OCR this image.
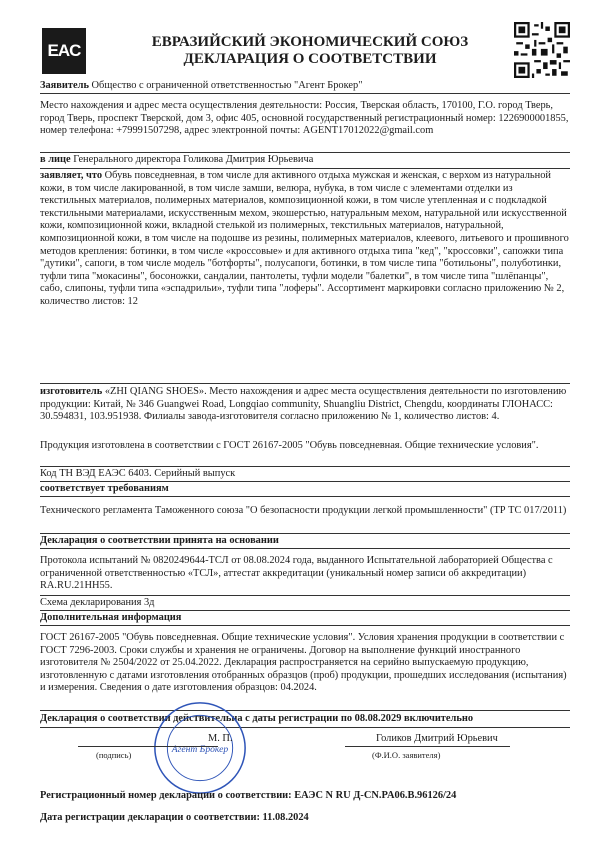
EAC	ЕВРАЗИЙСКИЙ ЭКОНОМИЧЕСКИЙ СОЮЗ
ДЕКЛАРАЦИЯ О СООТВЕТСТВИИ
Заявитель Общество с ограниченной ответственностью "Агент Брокер"
Место нахождения и адрес места осуществления деятельности: Россия, Тверская область, 170100, Г.О. город Тверь, город Тверь, проспект Тверской, дом 3, офис 405, основной государственный регистрационный номер: 1226900001855, номер телефона: +79991507298, адрес электронной почты: AGENT17012022@gmail.com
в лице Генерального директора Голикова Дмитрия Юрьевича
заявляет, что Обувь повседневная, в том числе для активного отдыха мужская и женская, с верхом из натуральной кожи, в том числе лакированной, в том числе замши, велюра, нубука, в том числе с элементами отделки из текстильных материалов, полимерных материалов, композиционной кожи, в том числе утепленная и с подкладкой текстильными материалами, искусственным мехом, экошерстью, натуральным мехом, натуральной или искусственной кожи, композиционной кожи, вкладной стелькой из полимерных, текстильных материалов, натуральной, композиционной кожи, в том числе на подошве из резины, полимерных материалов, клеевого, литьевого и прошивного методов крепления: ботинки, в том числе «кроссовые» и для активного отдыха типа "кед", "кроссовки", сапожки типа "дутики", сапоги, в том числе модель "ботфорты", полусапоги, ботинки, в том числе типа "ботильоны", полуботинки, туфли типа "мокасины", босоножки, сандалии, пантолеты, туфли модели "балетки", в том числе типа "шлёпанцы", сабо, слипоны, туфли типа «эспадрильи», туфли типа "лоферы". Ассортимент маркировки согласно приложению № 2, количество листов: 12
изготовитель «ZHI QIANG SHOES». Место нахождения и адрес места осуществления деятельности по изготовлению продукции: Китай, № 346 Guangwei Road, Longqiao community, Shuangliu District, Chengdu, координаты ГЛОНАСС: 30.594831, 103.951938. Филиалы завода-изготовителя согласно приложению № 1, количество листов: 4.
Продукция изготовлена в соответствии с ГОСТ 26167-2005 "Обувь повседневная. Общие технические условия".
Код ТН ВЭД ЕАЭС 6403. Серийный выпуск
соответствует требованиям
Технического регламента Таможенного союза "О безопасности продукции легкой промышленности" (ТР ТС 017/2011)
Декларация о соответствии принята на основании
Протокола испытаний № 0820249644-ТСЛ от 08.08.2024 года, выданного Испытательной лабораторией Общества с ограниченной ответственностью «ТСЛ», аттестат аккредитации (уникальный номер записи об аккредитации) RA.RU.21HH55.
Схема декларирования 3д
Дополнительная информация
ГОСТ 26167-2005 "Обувь повседневная. Общие технические условия". Условия хранения продукции в соответствии с ГОСТ 7296-2003. Сроки службы и хранения не ограничены. Договор на выполнение функций иностранного изготовителя № 2504/2022 от 25.04.2022. Декларация распространяется на серийно выпускаемую продукцию, изготовленную с датами изготовления отобранных образцов (проб) продукции, прошедших исследования (испытания) и измерения. Сведения о дате изготовления образцов: 04.2024.
Декларация о соответствии действительна с даты регистрации по 08.08.2029 включительно
Агент Брокер
М. П.	Голиков Дмитрий Юрьевич
(подпись)	(Ф.И.О. заявителя)
Регистрационный номер декларации о соответствии: ЕАЭС N RU Д-CN.PA06.B.96126/24
Дата регистрации декларации о соответствии: 11.08.2024
